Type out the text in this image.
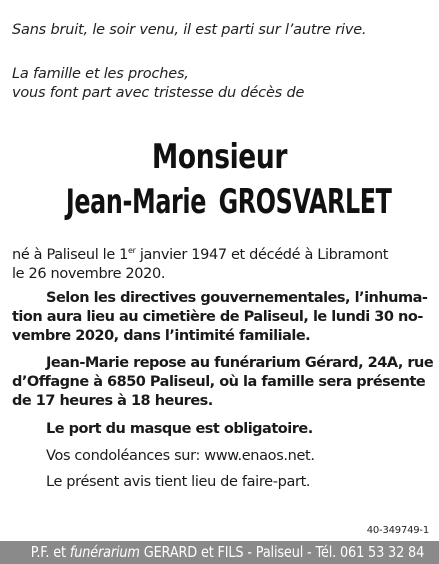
Sans bruit, le soir venu, il est parti sur l’autre rive.
La famille et les proches,
vous font part avec tristesse du décès de
Monsieur
Jean-Marie GROSVARLET
né à Paliseul le 1er janvier 1947 et décédé à Libramont
le 26 novembre 2020.
Selon les directives gouvernementales, l’inhuma-
tion aura lieu au cimetière de Paliseul, le lundi 30 no-
vembre 2020, dans l’intimité familiale.
Jean-Marie repose au funérarium Gérard, 24A, rue
d’Offagne à 6850 Paliseul, où la famille sera présente
de 17 heures à 18 heures.
Le port du masque est obligatoire.
Vos condoléances sur: www.enaos.net.
Le présent avis tient lieu de faire-part.
40-349749-1
P.F. et funérarium GERARD et FILS - Paliseul - Tél. 061 53 32 84
